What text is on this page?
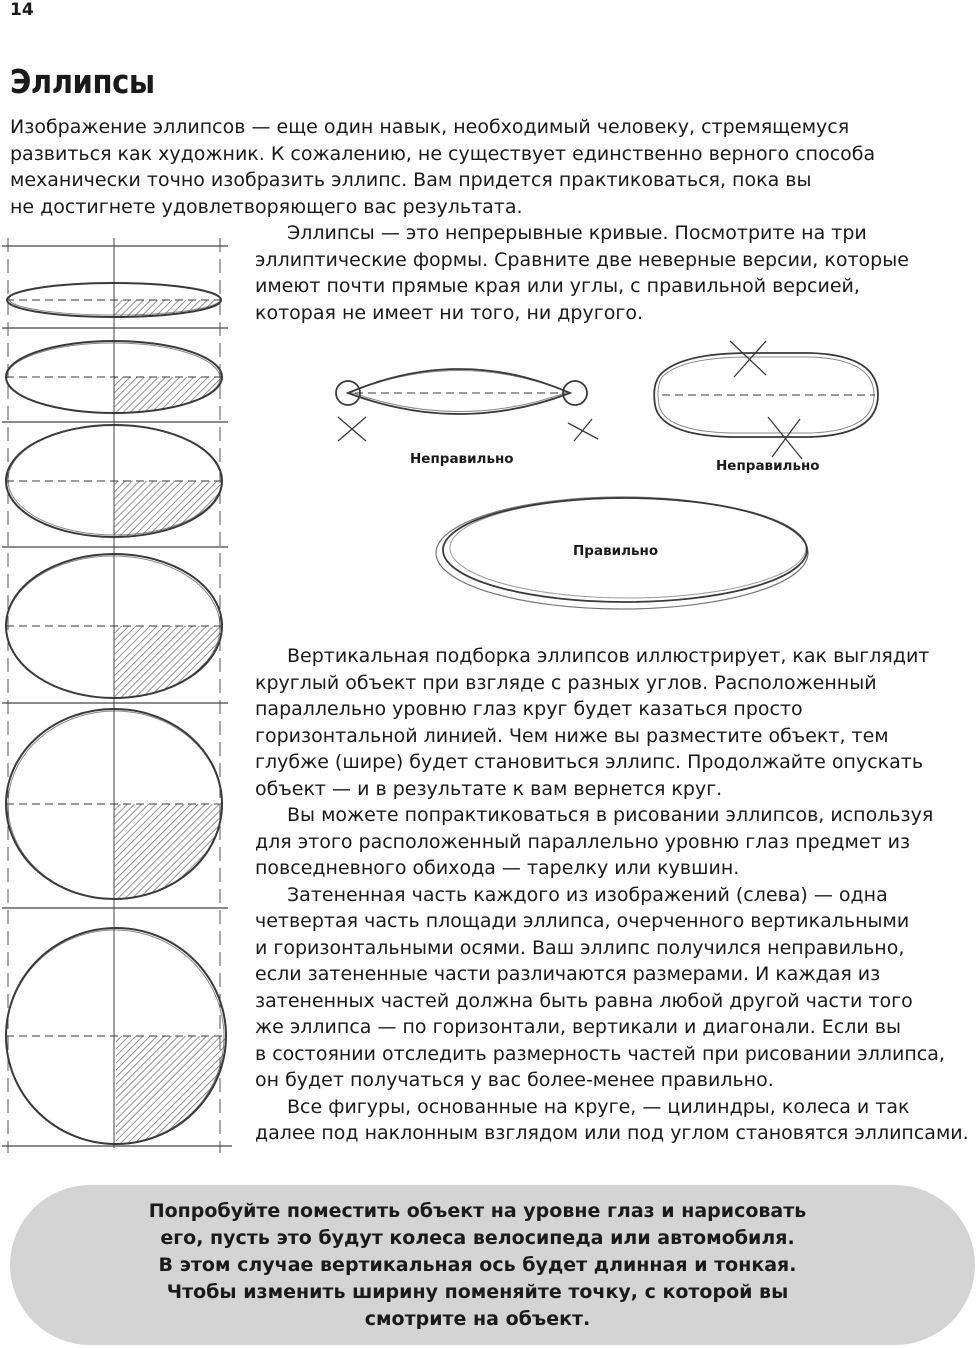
14
Эллипсы
Изображение эллипсов — еще один навык, необходимый человеку, стремящемуся
развиться как художник. К сожалению, не существует единственно верного способа
механически точно изобразить эллипс. Вам придется практиковаться, пока вы
не достигнете удовлетворяющего вас результата.
Эллипсы — это непрерывные кривые. Посмотрите на три
эллиптические формы. Сравните две неверные версии, которые
имеют почти прямые края или углы, с правильной версией,
которая не имеет ни того, ни другого.
Неправильно	Неправильно
Правильно
Вертикальная подборка эллипсов иллюстрирует, как выглядит
круглый объект при взгляде с разных углов. Расположенный
параллельно уровню глаз круг будет казаться просто
горизонтальной линией. Чем ниже вы разместите объект, тем
глубже (шире) будет становиться эллипс. Продолжайте опускать
объект — и в результате к вам вернется круг.
Вы можете попрактиковаться в рисовании эллипсов, используя
для этого расположенный параллельно уровню глаз предмет из
повседневного обихода — тарелку или кувшин.
Затененная часть каждого из изображений (слева) — одна
четвертая часть площади эллипса, очерченного вертикальными
и горизонтальными осями. Ваш эллипс получился неправильно,
если затененные части различаются размерами. И каждая из
затененных частей должна быть равна любой другой части того
же эллипса — по горизонтали, вертикали и диагонали. Если вы
в состоянии отследить размерность частей при рисовании эллипса,
он будет получаться у вас более-менее правильно.
Все фигуры, основанные на круге, — цилиндры, колеса и так
далее под наклонным взглядом или под углом становятся эллипсами.
Попробуйте поместить объект на уровне глаз и нарисовать
его, пусть это будут колеса велосипеда или автомобиля.
В этом случае вертикальная ось будет длинная и тонкая.
Чтобы изменить ширину поменяйте точку, с которой вы
смотрите на объект.
